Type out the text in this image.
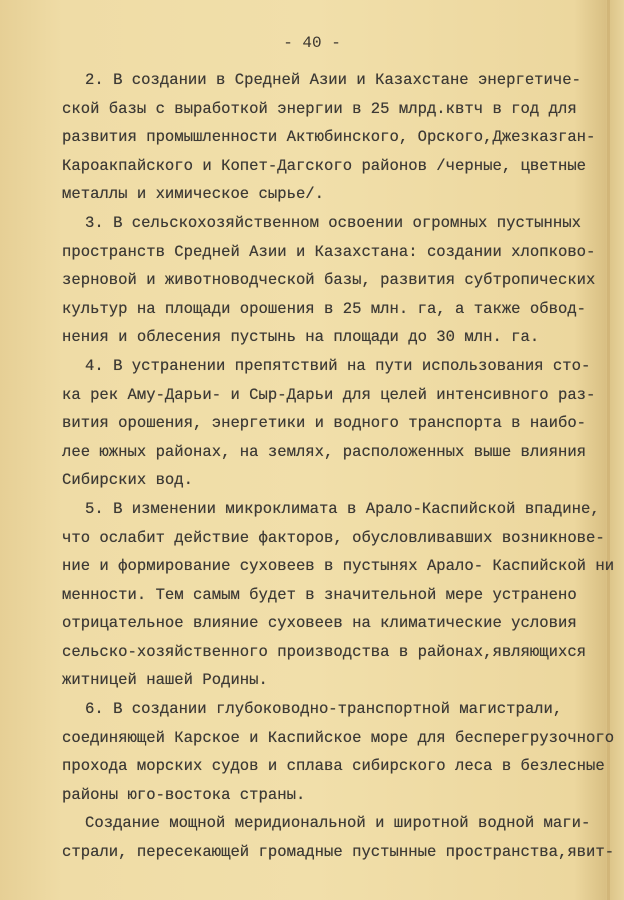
- 40 -
2. В создании в Средней Азии и Казахстане энергетиче-
ской базы с выработкой энергии в 25 млрд.квтч в год для
развития промышленности Актюбинского, Орского,Джезказган-
Кароакпайского и Копет-Дагского районов /черные, цветные
металлы и химическое сырье/.
3. В сельскохозяйственном освоении огромных пустынных
пространств Средней Азии и Казахстана: создании хлопково-
зерновой и животноводческой базы, развития субтропических
культур на площади орошения в 25 млн. га, а также обвод-
нения и облесения пустынь на площади до 30 млн. га.
4. В устранении препятствий на пути использования сто-
ка рек Аму-Дарьи- и Сыр-Дарьи для целей интенсивного раз-
вития орошения, энергетики и водного транспорта в наибо-
лее южных районах, на землях, расположенных выше влияния
Сибирских вод.
5. В изменении микроклимата в Арало-Каспийской впадине,
что ослабит действие факторов, обусловливавших возникнове-
ние и формирование суховеев в пустынях Арало- Каспийской ни
менности. Тем самым будет в значительной мере устранено
отрицательное влияние суховеев на климатические условия
сельско-хозяйственного производства в районах,являющихся
житницей нашей Родины.
6. В создании глубоководно-транспортной магистрали,
соединяющей Карское и Каспийское море для бесперегрузочного
прохода морских судов и сплава сибирского леса в безлесные
районы юго-востока страны.
Создание мощной меридиональной и широтной водной маги-
страли, пересекающей громадные пустынные пространства,явит-
